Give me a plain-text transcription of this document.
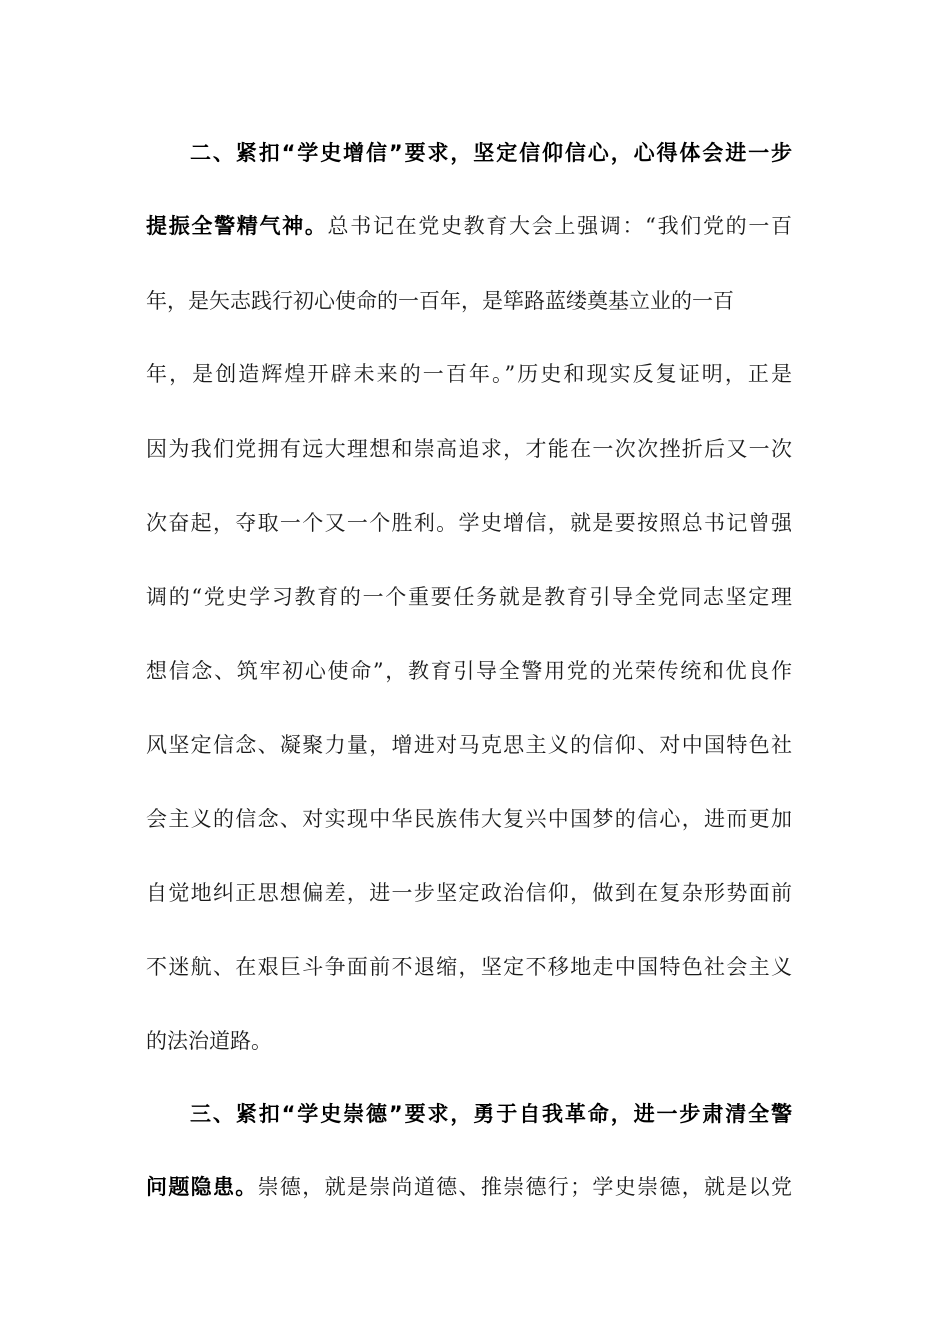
二、紧扣“学史增信”要求，坚定信仰信心，心得体会进一步
提振全警精气神。总书记在党史教育大会上强调：“我们党的一百
年，是矢志践行初心使命的一百年，是筚路蓝缕奠基立业的一百
年，是创造辉煌开辟未来的一百年。”历史和现实反复证明，正是
因为我们党拥有远大理想和崇高追求，才能在一次次挫折后又一次
次奋起，夺取一个又一个胜利。学史增信，就是要按照总书记曾强
调的“党史学习教育的一个重要任务就是教育引导全党同志坚定理
想信念、筑牢初心使命”，教育引导全警用党的光荣传统和优良作
风坚定信念、凝聚力量，增进对马克思主义的信仰、对中国特色社
会主义的信念、对实现中华民族伟大复兴中国梦的信心，进而更加
自觉地纠正思想偏差，进一步坚定政治信仰，做到在复杂形势面前
不迷航、在艰巨斗争面前不退缩，坚定不移地走中国特色社会主义
的法治道路。
三、紧扣“学史崇德”要求，勇于自我革命，进一步肃清全警
问题隐患。崇德，就是崇尚道德、推崇德行；学史崇德，就是以党
